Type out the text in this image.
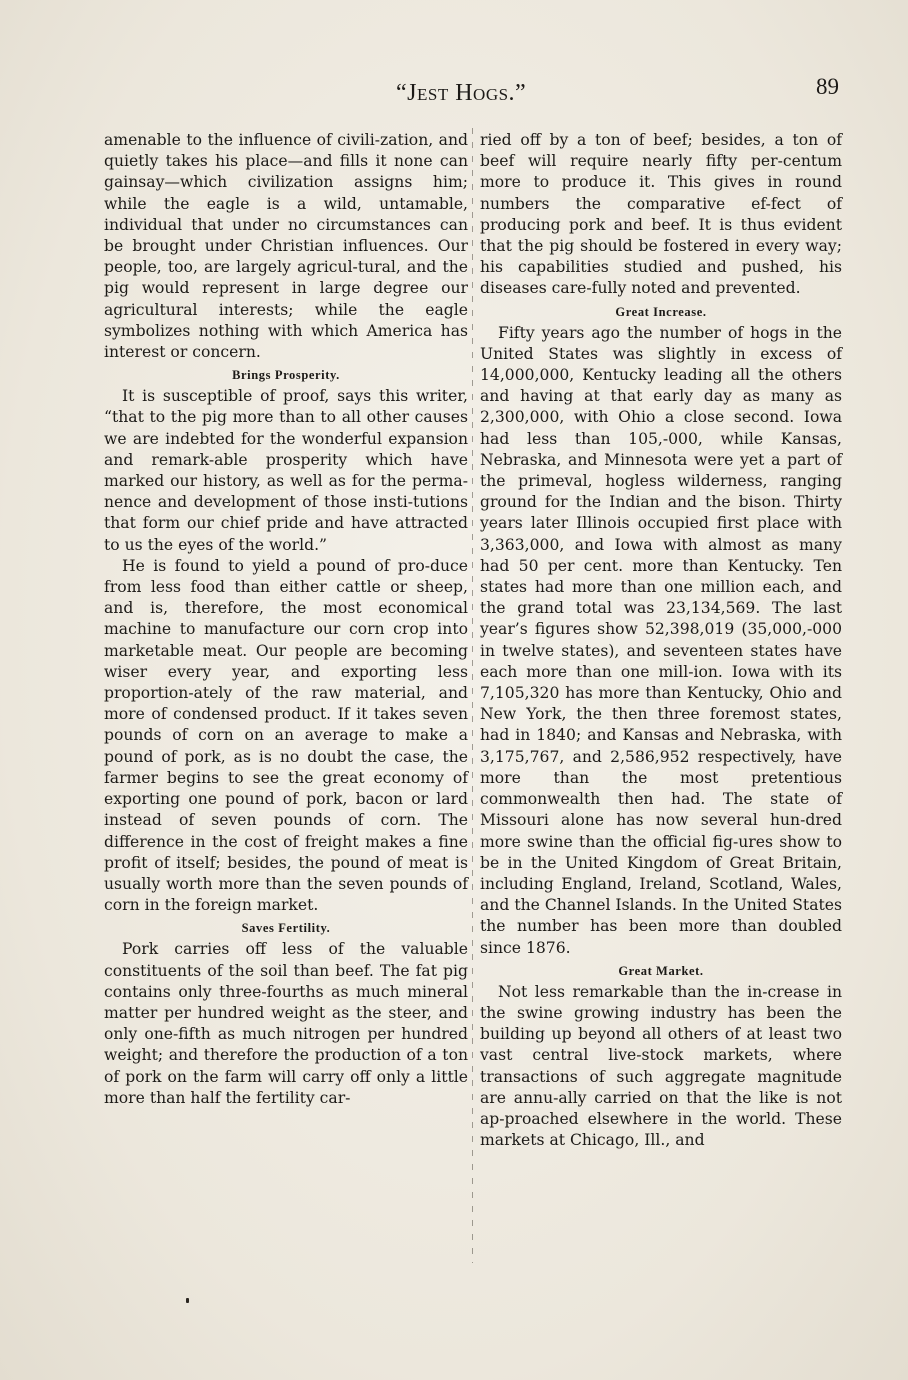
“Jest Hogs.”	89

amenable to the influence of civili-zation, and quietly takes his place—and fills it none can gainsay—which civilization assigns him; while the eagle is a wild, untamable, individual that under no circumstances can be brought under Christian influences. Our people, too, are largely agricul-tural, and the pig would represent in large degree our agricultural interests; while the eagle symbolizes nothing with which America has interest or concern.

Brings Prosperity.

It is susceptible of proof, says this writer, “that to the pig more than to all other causes we are indebted for the wonderful expansion and remark-able prosperity which have marked our history, as well as for the perma-nence and development of those insti-tutions that form our chief pride and have attracted to us the eyes of the world.”

He is found to yield a pound of pro-duce from less food than either cattle or sheep, and is, therefore, the most economical machine to manufacture our corn crop into marketable meat. Our people are becoming wiser every year, and exporting less proportion-ately of the raw material, and more of condensed product. If it takes seven pounds of corn on an average to make a pound of pork, as is no doubt the case, the farmer begins to see the great economy of exporting one pound of pork, bacon or lard instead of seven pounds of corn. The difference in the cost of freight makes a fine profit of itself; besides, the pound of meat is usually worth more than the seven pounds of corn in the foreign market.

Saves Fertility.

Pork carries off less of the valuable constituents of the soil than beef. The fat pig contains only three-fourths as much mineral matter per hundred weight as the steer, and only one-fifth as much nitrogen per hundred weight; and therefore the production of a ton of pork on the farm will carry off only a little more than half the fertility car-

ried off by a ton of beef; besides, a ton of beef will require nearly fifty per-centum more to produce it. This gives in round numbers the comparative ef-fect of producing pork and beef. It is thus evident that the pig should be fostered in every way; his capabilities studied and pushed, his diseases care-fully noted and prevented.

Great Increase.

Fifty years ago the number of hogs in the United States was slightly in excess of 14,000,000, Kentucky leading all the others and having at that early day as many as 2,300,000, with Ohio a close second. Iowa had less than 105,-000, while Kansas, Nebraska, and Minnesota were yet a part of the primeval, hogless wilderness, ranging ground for the Indian and the bison. Thirty years later Illinois occupied first place with 3,363,000, and Iowa with almost as many had 50 per cent. more than Kentucky. Ten states had more than one million each, and the grand total was 23,134,569. The last year’s figures show 52,398,019 (35,000,-000 in twelve states), and seventeen states have each more than one mill-ion. Iowa with its 7,105,320 has more than Kentucky, Ohio and New York, the then three foremost states, had in 1840; and Kansas and Nebraska, with 3,175,767, and 2,586,952 respectively, have more than the most pretentious commonwealth then had. The state of Missouri alone has now several hun-dred more swine than the official fig-ures show to be in the United Kingdom of Great Britain, including England, Ireland, Scotland, Wales, and the Channel Islands. In the United States the number has been more than doubled since 1876.

Great Market.

Not less remarkable than the in-crease in the swine growing industry has been the building up beyond all others of at least two vast central live-stock markets, where transactions of such aggregate magnitude are annu-ally carried on that the like is not ap-proached elsewhere in the world. These markets at Chicago, Ill., and
